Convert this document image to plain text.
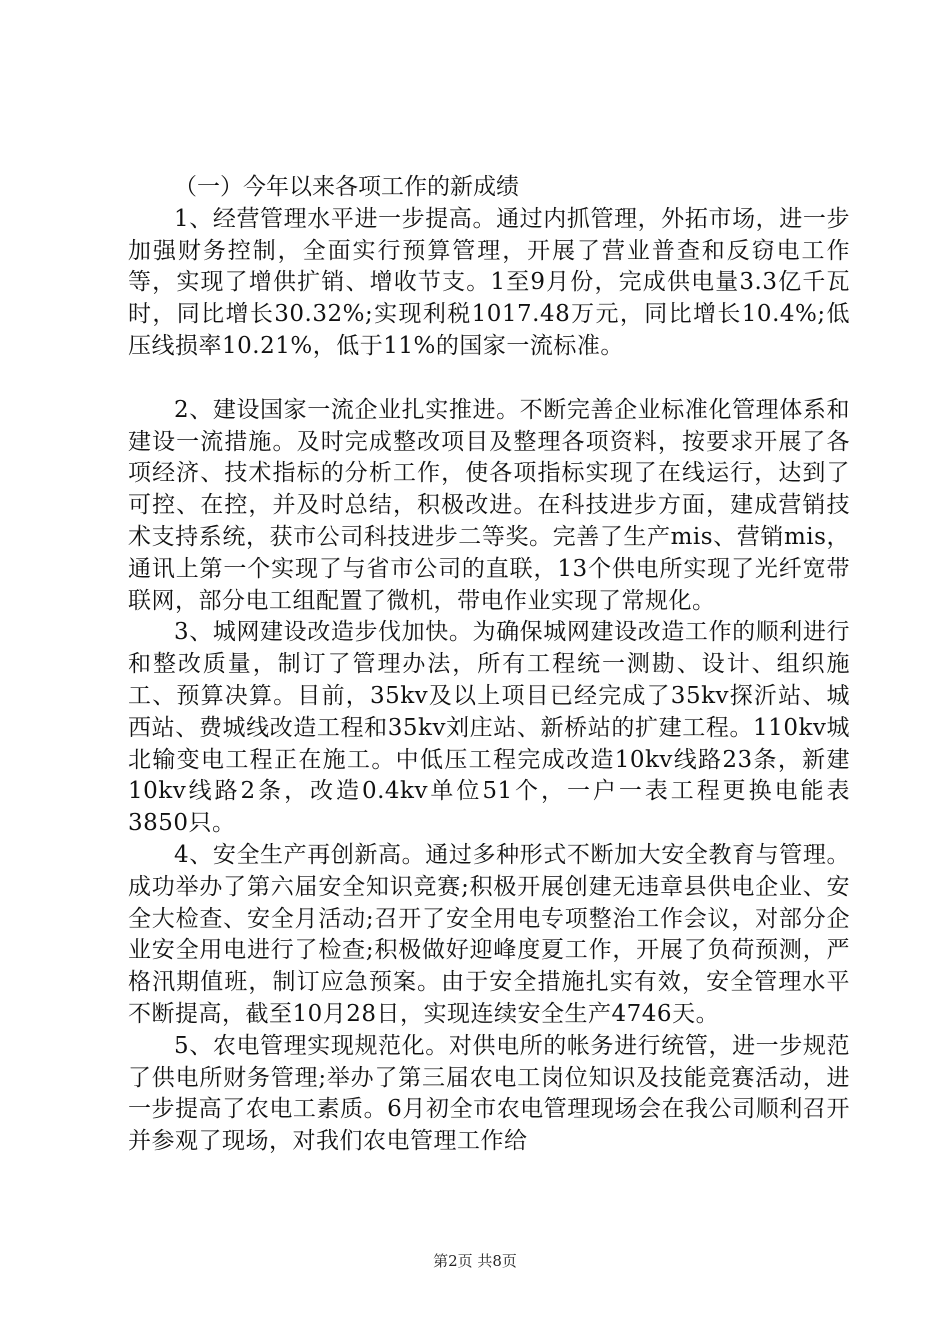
（一）今年以来各项工作的新成绩

1、经营管理水平进一步提高。通过内抓管理，外拓市场，进一步加强财务控制，全面实行预算管理，开展了营业普查和反窃电工作等，实现了增供扩销、增收节支。1至9月份，完成供电量3.3亿千瓦时，同比增长30.32%;实现利税1017.48万元，同比增长10.4%;低压线损率10.21%，低于11%的国家一流标准。

2、建设国家一流企业扎实推进。不断完善企业标准化管理体系和建设一流措施。及时完成整改项目及整理各项资料，按要求开展了各项经济、技术指标的分析工作，使各项指标实现了在线运行，达到了可控、在控，并及时总结，积极改进。在科技进步方面，建成营销技术支持系统，获市公司科技进步二等奖。完善了生产mis、营销mis，通讯上第一个实现了与省市公司的直联，13个供电所实现了光纤宽带联网，部分电工组配置了微机，带电作业实现了常规化。

3、城网建设改造步伐加快。为确保城网建设改造工作的顺利进行和整改质量，制订了管理办法，所有工程统一测勘、设计、组织施工、预算决算。目前，35kv及以上项目已经完成了35kv探沂站、城西站、费城线改造工程和35kv刘庄站、新桥站的扩建工程。110kv城北输变电工程正在施工。中低压工程完成改造10kv线路23条，新建10kv线路2条，改造0.4kv单位51个，一户一表工程更换电能表3850只。

4、安全生产再创新高。通过多种形式不断加大安全教育与管理。成功举办了第六届安全知识竞赛;积极开展创建无违章县供电企业、安全大检查、安全月活动;召开了安全用电专项整治工作会议，对部分企业安全用电进行了检查;积极做好迎峰度夏工作，开展了负荷预测，严格汛期值班，制订应急预案。由于安全措施扎实有效，安全管理水平不断提高，截至10月28日，实现连续安全生产4746天。

5、农电管理实现规范化。对供电所的帐务进行统管，进一步规范了供电所财务管理;举办了第三届农电工岗位知识及技能竞赛活动，进一步提高了农电工素质。6月初全市农电管理现场会在我公司顺利召开并参观了现场，对我们农电管理工作给

第2页 共8页
